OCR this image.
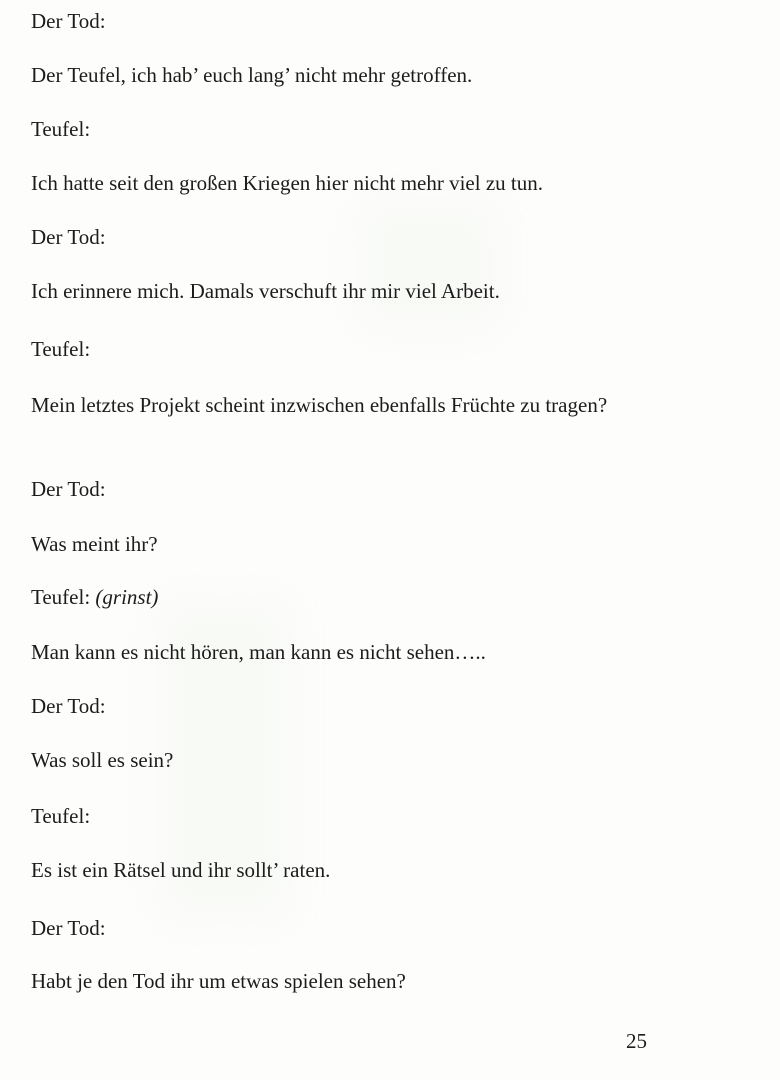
Der Tod:
Der Teufel, ich hab’ euch lang’ nicht mehr getroffen.
Teufel:
Ich hatte seit den großen Kriegen hier nicht mehr viel zu tun.
Der Tod:
Ich erinnere mich. Damals verschuft ihr mir viel Arbeit.
Teufel:
Mein letztes Projekt scheint inzwischen ebenfalls Früchte zu tragen?
Der Tod:
Was meint ihr?
Teufel: (grinst)
Man kann es nicht hören, man kann es nicht sehen…..
Der Tod:
Was soll es sein?
Teufel:
Es ist ein Rätsel und ihr sollt’ raten.
Der Tod:
Habt je den Tod ihr um etwas spielen sehen?
25
